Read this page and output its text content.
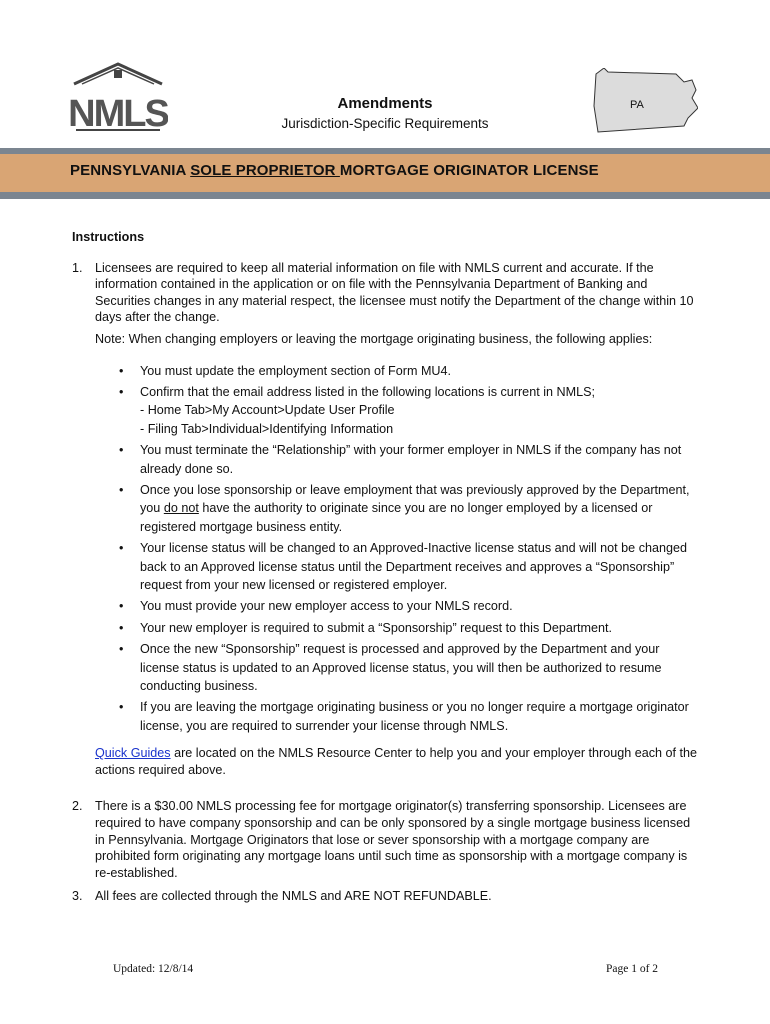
NMLS	Amendments
Jurisdiction-Specific Requirements
PA
PENNSYLVANIA SOLE PROPRIETOR MORTGAGE ORIGINATOR LICENSE
Instructions
1. Licensees are required to keep all material information on file with NMLS current and accurate. If the information contained in the application or on file with the Pennsylvania Department of Banking and Securities changes in any material respect, the licensee must notify the Department of the change within 10 days after the change.
Note: When changing employers or leaving the mortgage originating business, the following applies:
• You must update the employment section of Form MU4.
• Confirm that the email address listed in the following locations is current in NMLS;
- Home Tab>My Account>Update User Profile
- Filing Tab>Individual>Identifying Information
• You must terminate the “Relationship” with your former employer in NMLS if the company has not already done so.
• Once you lose sponsorship or leave employment that was previously approved by the Department, you do not have the authority to originate since you are no longer employed by a licensed or registered mortgage business entity.
• Your license status will be changed to an Approved-Inactive license status and will not be changed back to an Approved license status until the Department receives and approves a “Sponsorship” request from your new licensed or registered employer.
• You must provide your new employer access to your NMLS record.
• Your new employer is required to submit a “Sponsorship” request to this Department.
• Once the new “Sponsorship” request is processed and approved by the Department and your license status is updated to an Approved license status, you will then be authorized to resume conducting business.
• If you are leaving the mortgage originating business or you no longer require a mortgage originator license, you are required to surrender your license through NMLS.
Quick Guides are located on the NMLS Resource Center to help you and your employer through each of the actions required above.
2. There is a $30.00 NMLS processing fee for mortgage originator(s) transferring sponsorship. Licensees are required to have company sponsorship and can be only sponsored by a single mortgage business licensed in Pennsylvania. Mortgage Originators that lose or sever sponsorship with a mortgage company are prohibited form originating any mortgage loans until such time as sponsorship with a mortgage company is re-established.
3. All fees are collected through the NMLS and ARE NOT REFUNDABLE.
Updated: 12/8/14	Page 1 of 2
